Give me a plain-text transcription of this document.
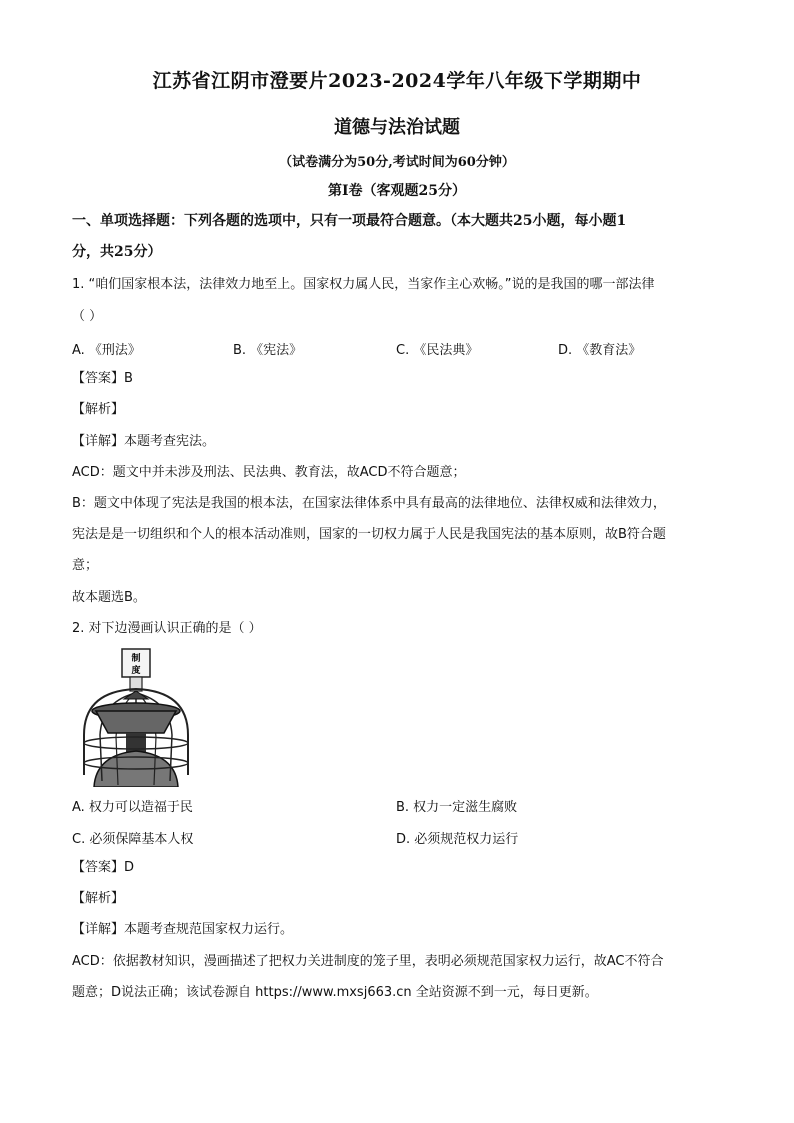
江苏省江阴市澄要片2023-2024学年八年级下学期期中
道德与法治试题
（试卷满分为50分,考试时间为60分钟）
第Ⅰ卷（客观题25分）
一、单项选择题：下列各题的选项中，只有一项最符合题意。（本大题共25小题，每小题1
分，共25分）
1. “咱们国家根本法，法律效力地至上。国家权力属人民，当家作主心欢畅。”说的是我国的哪一部法律
（ ）
A. 《刑法》	B. 《宪法》	C. 《民法典》	D. 《教育法》
【答案】B
【解析】
【详解】本题考查宪法。
ACD：题文中并未涉及刑法、民法典、教育法，故ACD不符合题意；
B：题文中体现了宪法是我国的根本法，在国家法律体系中具有最高的法律地位、法律权威和法律效力，
宪法是是一切组织和个人的根本活动准则，国家的一切权力属于人民是我国宪法的基本原则，故B符合题
意；
故本题选B。
2. 对下边漫画认识正确的是（ ）
制
度
A. 权力可以造福于民	B. 权力一定滋生腐败
C. 必须保障基本人权	D. 必须规范权力运行
【答案】D
【解析】
【详解】本题考查规范国家权力运行。
ACD：依据教材知识，漫画描述了把权力关进制度的笼子里，表明必须规范国家权力运行，故AC不符合
题意；D说法正确；该试卷源自 https://www.mxsj663.cn 全站资源不到一元，每日更新。
